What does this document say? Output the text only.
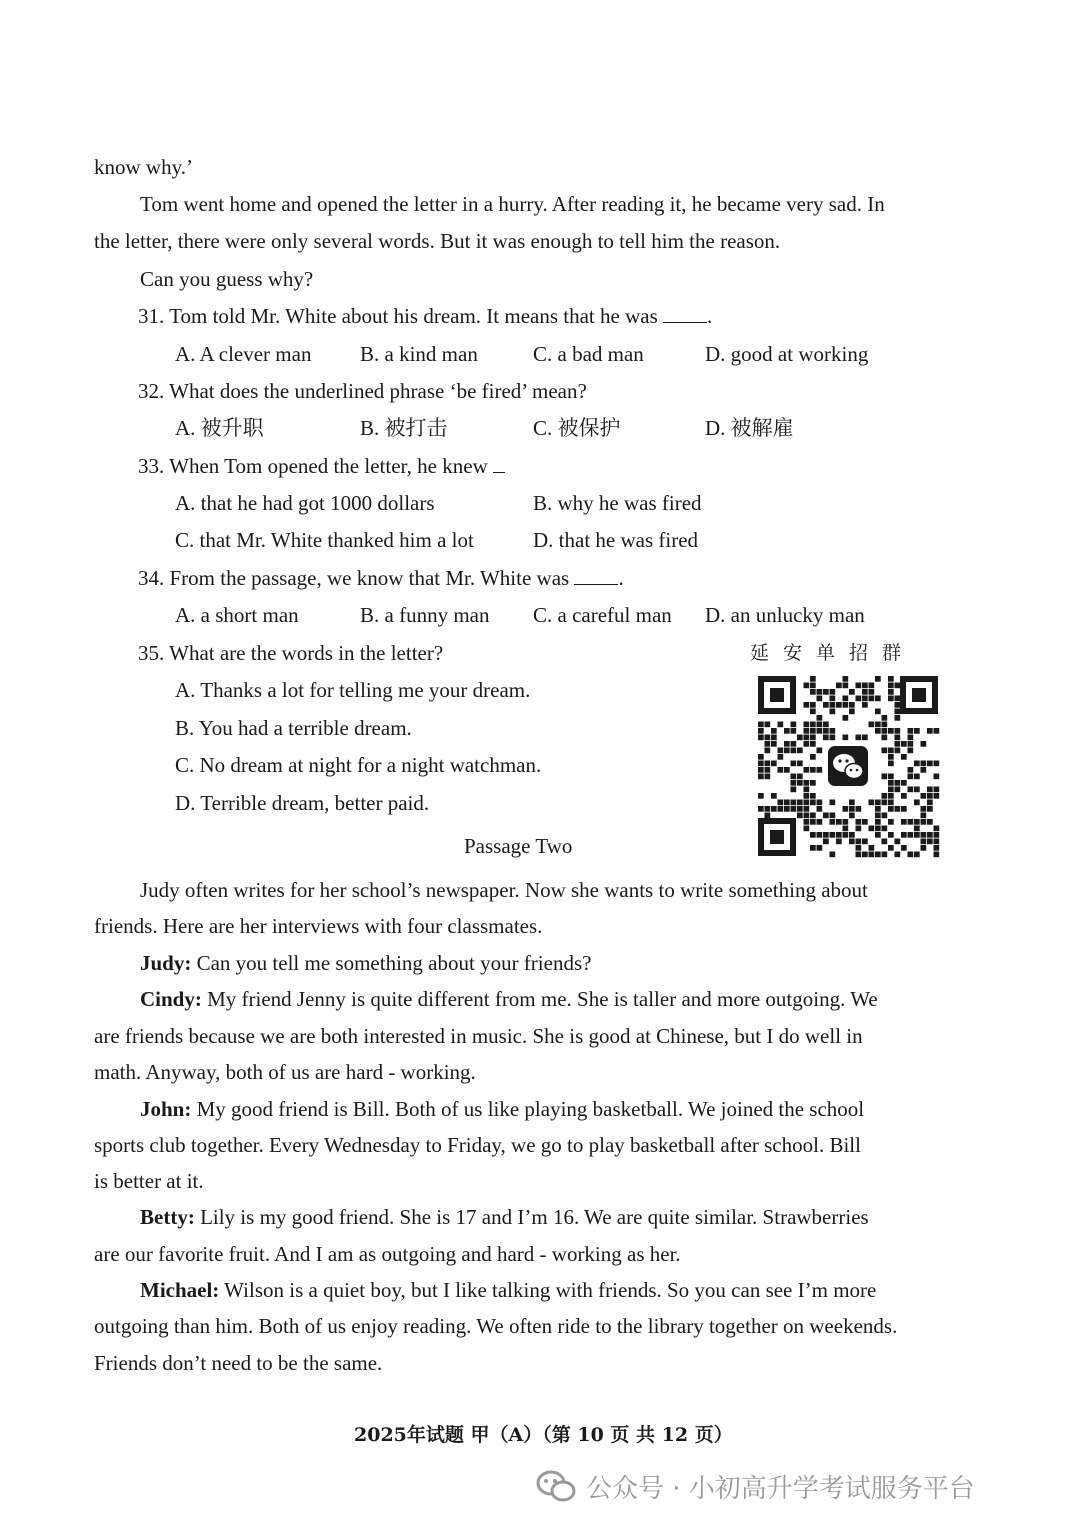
know why.’
Tom went home and opened the letter in a hurry. After reading it, he became very sad. In
the letter, there were only several words. But it was enough to tell him the reason.
Can you guess why?
31. Tom told Mr. White about his dream. It means that he was .
A. A clever man B. a kind man	C. a bad man	D. good at working
32. What does the underlined phrase ‘be fired’ mean?
A. 被升职	B. 被打击	C. 被保护	D. 被解雇
33. When Tom opened the letter, he knew
A. that he had got 1000 dollars	B. why he was fired
C. that Mr. White thanked him a lot	D. that he was fired
34. From the passage, we know that Mr. White was .
A. a short man	B. a funny man C. a careful man D. an unlucky man
35. What are the words in the letter?
A. Thanks a lot for telling me your dream.
B. You had a terrible dream.
C. No dream at night for a night watchman.
D. Terrible dream, better paid.
延安单招群
Passage Two
Judy often writes for her school’s newspaper. Now she wants to write something about
friends. Here are her interviews with four classmates.
Judy: Can you tell me something about your friends?
Cindy: My friend Jenny is quite different from me. She is taller and more outgoing. We
are friends because we are both interested in music. She is good at Chinese, but I do well in
math. Anyway, both of us are hard - working.
John: My good friend is Bill. Both of us like playing basketball. We joined the school
sports club together. Every Wednesday to Friday, we go to play basketball after school. Bill
is better at it.
Betty: Lily is my good friend. She is 17 and I’m 16. We are quite similar. Strawberries
are our favorite fruit. And I am as outgoing and hard - working as her.
Michael: Wilson is a quiet boy, but I like talking with friends. So you can see I’m more
outgoing than him. Both of us enjoy reading. We often ride to the library together on weekends.
Friends don’t need to be the same.
2025年试题 甲（A）（第 10 页 共 12 页）
公众号 · 小初高升学考试服务平台
